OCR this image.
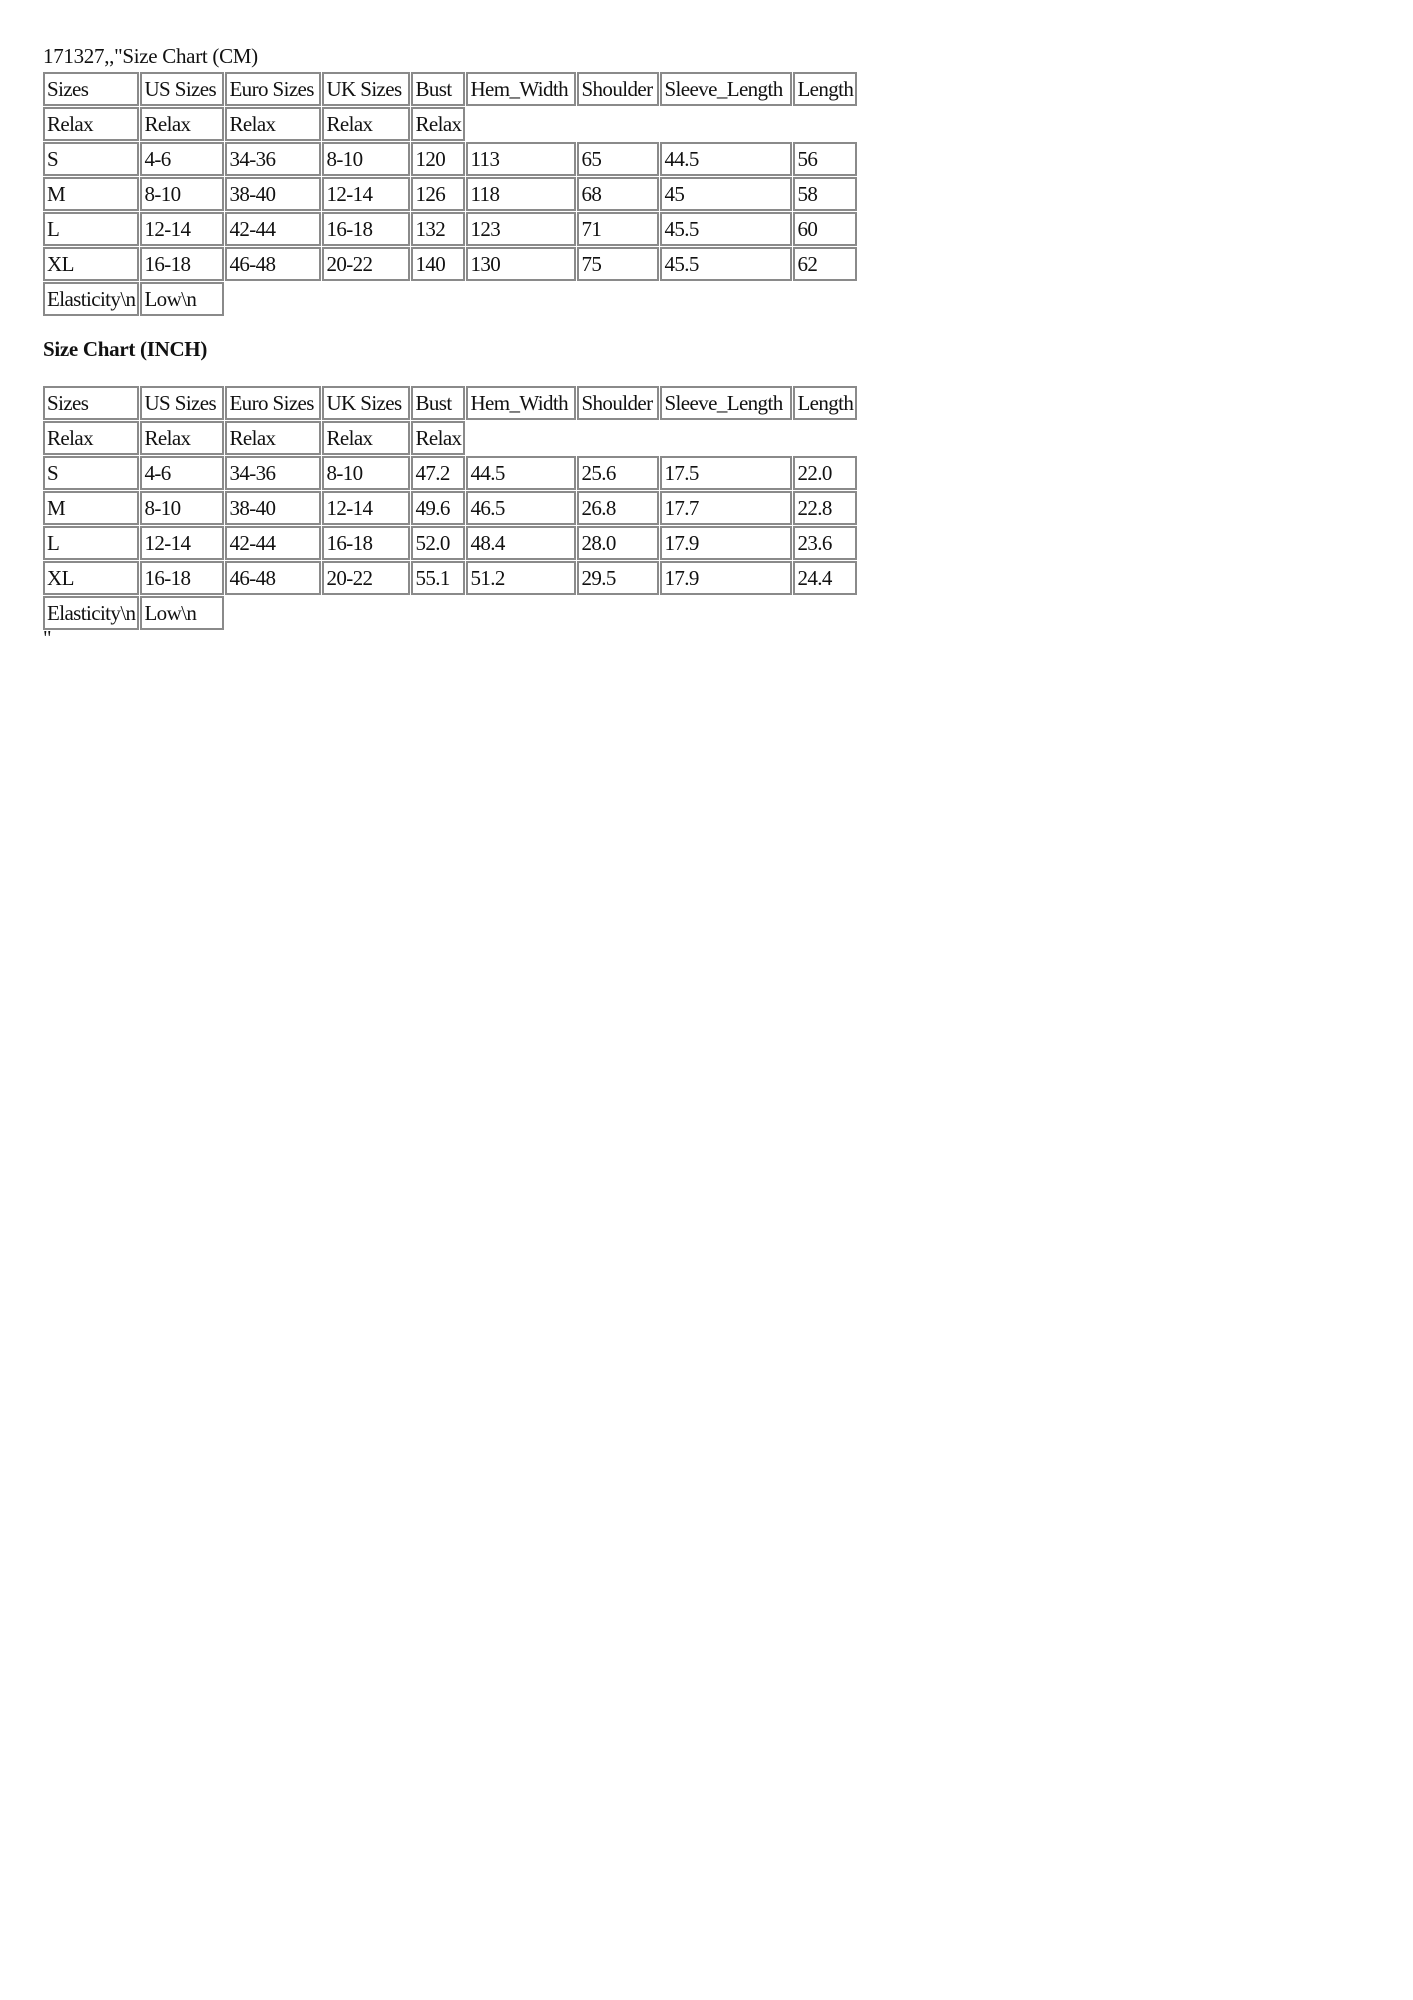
171327,,"Size Chart (CM)
Sizes	US Sizes	Euro Sizes	UK Sizes	Bust	Hem_Width	Shoulder	Sleeve_Length	Length
Relax	Relax	Relax	Relax	Relax				
S	4-6	34-36	8-10	120	113	65	44.5	56
M	8-10	38-40	12-14	126	118	68	45	58
L	12-14	42-44	16-18	132	123	71	45.5	60
XL	16-18	46-48	20-22	140	130	75	45.5	62
Elasticity\n	Low\n							
Size Chart (INCH)
Sizes	US Sizes	Euro Sizes	UK Sizes	Bust	Hem_Width	Shoulder	Sleeve_Length	Length
Relax	Relax	Relax	Relax	Relax				
S	4-6	34-36	8-10	47.2	44.5	25.6	17.5	22.0
M	8-10	38-40	12-14	49.6	46.5	26.8	17.7	22.8
L	12-14	42-44	16-18	52.0	48.4	28.0	17.9	23.6
XL	16-18	46-48	20-22	55.1	51.2	29.5	17.9	24.4
Elasticity\n	Low\n							
"
